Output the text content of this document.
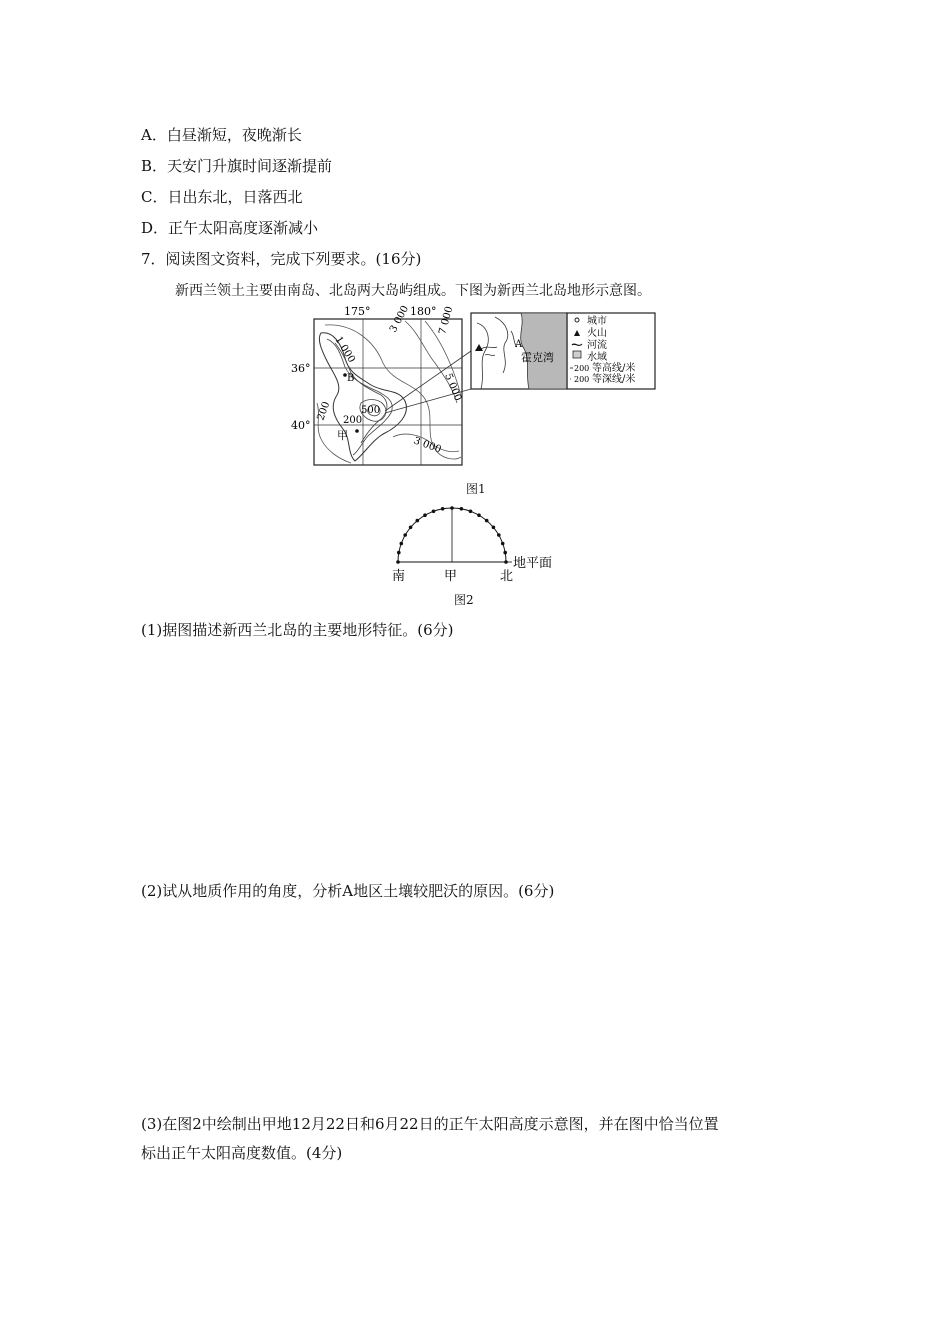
A．白昼渐短，夜晚渐长
B．天安门升旗时间逐渐提前
C．日出东北，日落西北
D．正午太阳高度逐渐减小
7．阅读图文资料，完成下列要求。(16分)
新西兰领土主要由南岛、北岛两大岛屿组成。下图为新西兰北岛地形示意图。
175°	180°
36°
40°
1 000
3 000	7 000
5 000
500
200 200
3 000
B
甲
A
霍克湾
城市
火山
河流
水域
200 等高线/米
200 等深线/米
图1
南	甲	北
地平面
图2
(1)据图描述新西兰北岛的主要地形特征。(6分)
(2)试从地质作用的角度，分析A地区土壤较肥沃的原因。(6分)
(3)在图2中绘制出甲地12月22日和6月22日的正午太阳高度示意图，并在图中恰当位置
标出正午太阳高度数值。(4分)
